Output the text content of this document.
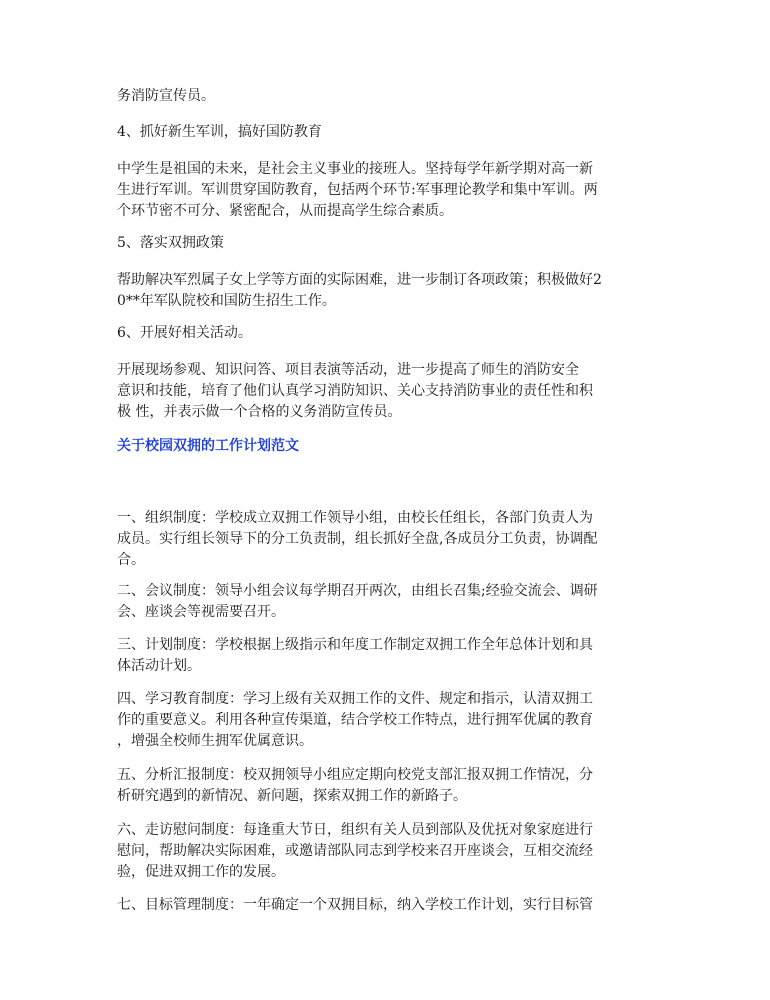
务消防宣传员。
4、抓好新生军训，搞好国防教育
中学生是祖国的未来，是社会主义事业的接班人。坚持每学年新学期对高一新
生进行军训。军训贯穿国防教育，包括两个环节:军事理论教学和集中军训。两
个环节密不可分、紧密配合，从而提高学生综合素质。
5、落实双拥政策
帮助解决军烈属子女上学等方面的实际困难，进一步制订各项政策；积极做好2
0**年军队院校和国防生招生工作。
6、开展好相关活动。
开展现场参观、知识问答、项目表演等活动，进一步提高了师生的消防安全
意识和技能，培育了他们认真学习消防知识、关心支持消防事业的责任性和积
极 性，并表示做一个合格的义务消防宣传员。
关于校园双拥的工作计划范文
一、组织制度：学校成立双拥工作领导小组，由校长任组长，各部门负责人为
成员。实行组长领导下的分工负责制，组长抓好全盘,各成员分工负责，协调配
合。
二、会议制度：领导小组会议每学期召开两次，由组长召集;经验交流会、调研
会、座谈会等视需要召开。
三、计划制度：学校根据上级指示和年度工作制定双拥工作全年总体计划和具
体活动计划。
四、学习教育制度：学习上级有关双拥工作的文件、规定和指示，认清双拥工
作的重要意义。利用各种宣传渠道，结合学校工作特点，进行拥军优属的教育
，增强全校师生拥军优属意识。
五、分析汇报制度：校双拥领导小组应定期向校党支部汇报双拥工作情况，分
析研究遇到的新情况、新问题，探索双拥工作的新路子。
六、走访慰问制度：每逢重大节日，组织有关人员到部队及优抚对象家庭进行
慰问，帮助解决实际困难，或邀请部队同志到学校来召开座谈会，互相交流经
验，促进双拥工作的发展。
七、目标管理制度：一年确定一个双拥目标，纳入学校工作计划，实行目标管
